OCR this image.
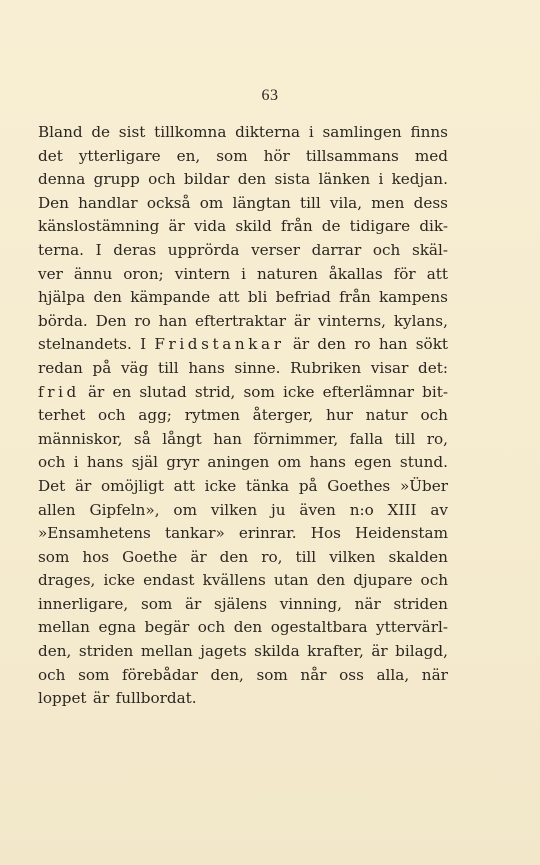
63
Bland de sist tillkomna dikterna i samlingen finns
det ytterligare en, som hör tillsammans med
denna grupp och bildar den sista länken i kedjan.
Den handlar också om längtan till vila, men dess
känslostämning är vida skild från de tidigare dik-
terna. I deras upprörda verser darrar och skäl-
ver ännu oron; vintern i naturen åkallas för att
hjälpa den kämpande att bli befriad från kampens
börda. Den ro han eftertraktar är vinterns, kylans,
stelnandets. I Fridstankar är den ro han sökt
redan på väg till hans sinne. Rubriken visar det:
frid är en slutad strid, som icke efterlämnar bit-
terhet och agg; rytmen återger, hur natur och
människor, så långt han förnimmer, falla till ro,
och i hans själ gryr aningen om hans egen stund.
Det är omöjligt att icke tänka på Goethes »Über
allen Gipfeln», om vilken ju även n:o XIII av
»Ensamhetens tankar» erinrar. Hos Heidenstam
som hos Goethe är den ro, till vilken skalden
drages, icke endast kvällens utan den djupare och
innerligare, som är själens vinning, när striden
mellan egna begär och den ogestaltbara yttervärl-
den, striden mellan jagets skilda krafter, är bilagd,
och som förebådar den, som når oss alla, när
loppet är fullbordat.
